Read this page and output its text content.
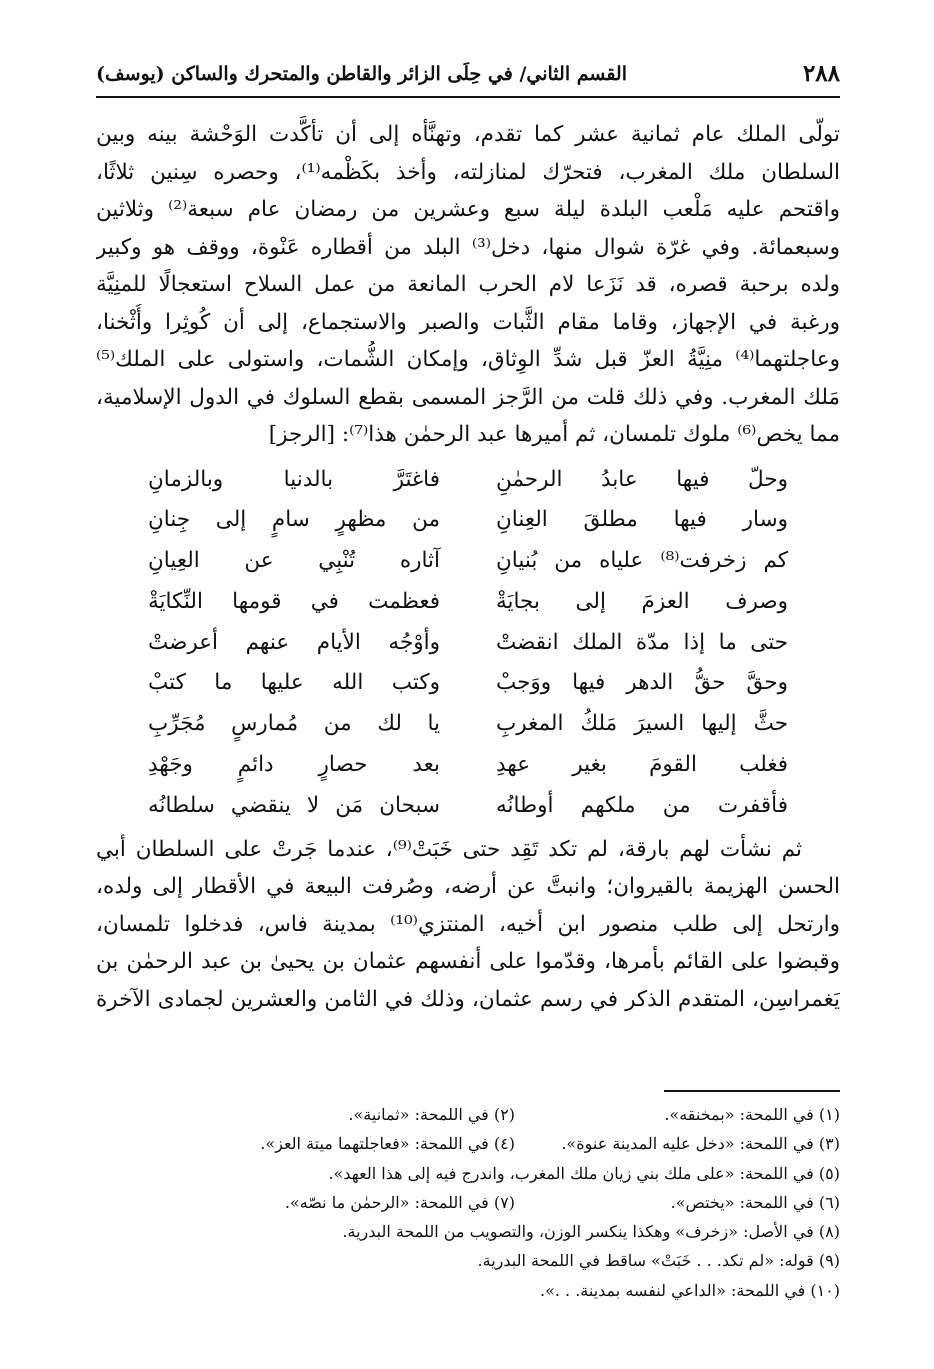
٢٨٨
القسم الثاني/ في حِلَى الزائر والقاطن والمتحرك والساكن (يوسف)
تولّى الملك عام ثمانية عشر كما تقدم، وتهنَّأه إلى أن تأكَّدت الوَحْشة بينه وبين
السلطان ملك المغرب، فتحرّك لمنازلته، وأخذ بكَظْمه⁽¹⁾، وحصره سِنين ثلاثًا،
واقتحم عليه مَلْعب البلدة ليلة سبع وعشرين من رمضان عام سبعة⁽²⁾ وثلاثين
وسبعمائة. وفي غرّة شوال منها، دخل⁽³⁾ البلد من أقطاره عَنْوة، ووقف هو وكبير
ولده برحبة قصره، قد نَزَعا لام الحرب المانعة من عمل السلاح استعجالًا للمنِيَّة
ورغبة في الإجهاز، وقاما مقام الثَّبات والصبر والاستجماع، إلى أن كُوثِرا وأُثْخنا،
وعاجلتهما⁽⁴⁾ منِيَّةُ العزّ قبل شدِّ الوِثاق، وإمكان الشُّمات، واستولى على الملك⁽⁵⁾
مَلك المغرب. وفي ذلك قلت من الرَّجز المسمى بقطع السلوك في الدول الإسلامية،
مما يخص⁽⁶⁾ ملوك تلمسان، ثم أميرها عبد الرحمٰن هذا⁽⁷⁾: [الرجز]
وحلّ فيها عابدُ الرحمٰنِ
فاغتَرَّ بالدنيا وبالزمانِ
وسار فيها مطلقَ العِنانِ
من مظهرٍ سامٍ إلى جِنانِ
كم زخرفت⁽⁸⁾ علياه من بُنيانِ
آثاره تُنْبِي عن العِيانِ
وصرف العزمَ إلى بجايَةْ
فعظمت في قومها النِّكايَةْ
حتى ما إذا مدّة الملك انقضتْ
وأوْجُه الأيام عنهم أعرضتْ
وحقَّ حقُّ الدهر فيها ووَجبْ
وكتب الله عليها ما كتبْ
حثَّ إليها السيرَ مَلكُ المغربِ
يا لك من مُمارسٍ مُجَرِّبِ
فغلب القومَ بغير عهدِ
بعد حصارٍ دائمٍ وجَهْدِ
فأقفرت من ملكهم أوطانُه
سبحان مَن لا ينقضي سلطانُه
ثم نشأت لهم بارقة، لم تكد تَقِد حتى خَبَتْ⁽⁹⁾، عندما جَرتْ على السلطان أبي
الحسن الهزيمة بالقيروان؛ وانبتَّ عن أرضه، وصُرفت البيعة في الأقطار إلى ولده،
وارتحل إلى طلب منصور ابن أخيه، المنتزي⁽¹⁰⁾ بمدينة فاس، فدخلوا تلمسان،
وقبضوا على القائم بأمرها، وقدّموا على أنفسهم عثمان بن يحيىٰ بن عبد الرحمٰن بن
يَغمراسِن، المتقدم الذكر في رسم عثمان، وذلك في الثامن والعشرين لجمادى الآخرة
(١) في اللمحة: «بمخنقه».
(٢) في اللمحة: «ثمانية».
(٣) في اللمحة: «دخل عليه المدينة عنوة».
(٤) في اللمحة: «فعاجلتهما ميتة العز».
(٥) في اللمحة: «على ملك بني زيان ملك المغرب، واندرج فيه إلى هذا العهد».
(٦) في اللمحة: «يختص».
(٧) في اللمحة: «الرحمٰن ما نصّه».
(٨) في الأصل: «زخرف» وهكذا ينكسر الوزن، والتصويب من اللمحة البدرية.
(٩) قوله: «لم تكد. . . خَبَتْ» ساقط في اللمحة البدرية.
(١٠) في اللمحة: «الداعي لنفسه بمدينة. . .».
